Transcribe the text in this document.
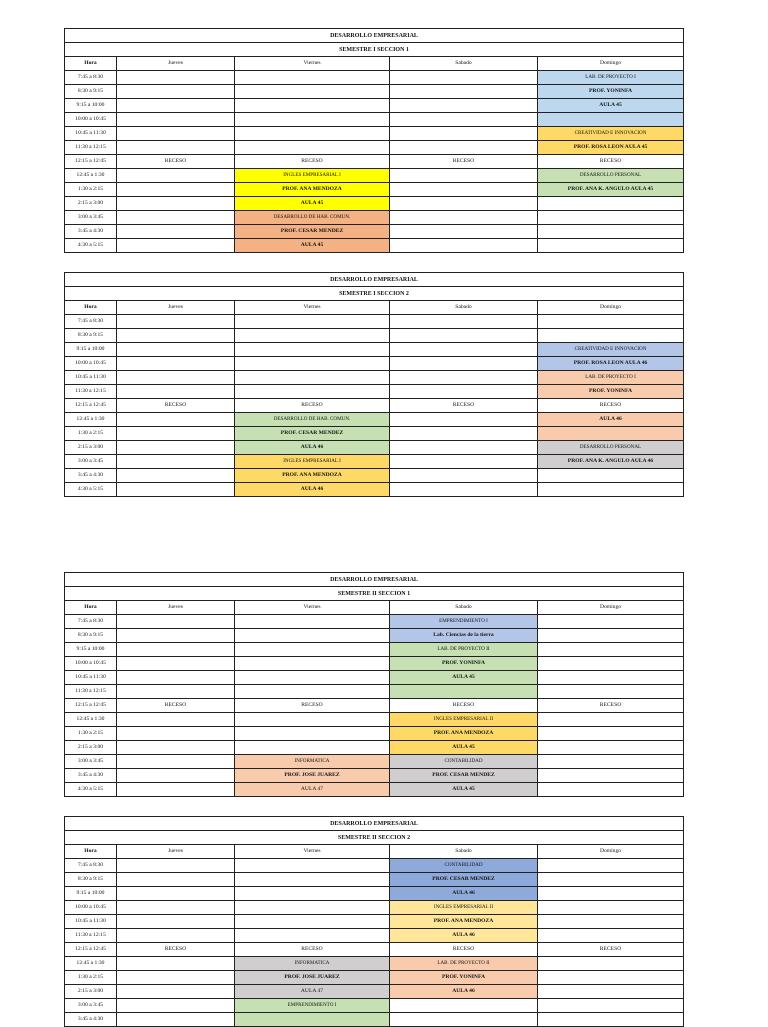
DESARROLLO EMPRESARIAL				
SEMESTRE I SECCION 1				
Hora	Jueves	Viernes	Sabado	Domingo
7:45 a 8:30				LAB. DE PROYECTO I
8:30 a 9:15				PROF. YONINFA
9:15 a 10:00				AULA 45
10:00 a 10:45				
10:45 a 11:30				CREATIVIDAD E INNOVACION
11:30 a 12:15				PROF. ROSA LEON AULA 45
12:15 a 12:45	RECESO	RECESO	RECESO	RECESO
12:45 a 1:30		INGLES EMPRESARIAL I		DESARROLLO PERSONAL
1:30 a 2:15		PROF. ANA MENDOZA		PROF. ANA K. ANGULO AULA 45
2:15 a 3:00		AULA 45		
3:00 a 3:45		DESARROLLO DE HAB. COMUN.		
3:45 a 4:30		PROF. CESAR MENDEZ		
4:30 a 5:15		AULA 45		
DESARROLLO EMPRESARIAL				
SEMESTRE I SECCION 2				
Hora	Jueves	Viernes	Sabado	Domingo
7:45 a 8:30				
8:30 a 9:15				
9:15 a 10:00				CREATIVIDAD E INNOVACION
10:00 a 10:45				PROF. ROSA LEON AULA 46
10:45 a 11:30				LAB. DE PROYECTO I
11:30 a 12:15				PROF. YONINFA
12:15 a 12:45	RECESO	RECESO	RECESO	RECESO
12:45 a 1:30		DESARROLLO DE HAB. COMUN.		AULA 46
1:30 a 2:15		PROF. CESAR MENDEZ		
2:15 a 3:00		AULA 46		DESARROLLO PERSONAL
3:00 a 3:45		INGLES EMPRESARIAL I		PROF. ANA K. ANGULO AULA 46
3:45 a 4:30		PROF. ANA MENDOZA		
4:30 a 5:15		AULA 46		
DESARROLLO EMPRESARIAL				
SEMESTRE II SECCION 1				
Hora	Jueves	Viernes	Sabado	Domingo
7:45 a 8:30			EMPRENDIMIENTO I	
8:30 a 9:15			Lab. Ciencias de la tierra	
9:15 a 10:00			LAB. DE PROYECTO II	
10:00 a 10:45			PROF. YONINFA	
10:45 a 11:30			AULA 45	
11:30 a 12:15				
12:15 a 12:45	RECESO	RECESO	RECESO	RECESO
12:45 a 1:30			INGLES EMPRESARIAL II	
1:30 a 2:15			PROF. ANA MENDOZA	
2:15 a 3:00			AULA 45	
3:00 a 3:45		INFORMATICA	CONTABILIDAD	
3:45 a 4:30		PROF. JOSE JUAREZ	PROF. CESAR MENDEZ	
4:30 a 5:15		AULA 47	AULA 45	
DESARROLLO EMPRESARIAL				
SEMESTRE II SECCION 2				
Hora	Jueves	Viernes	Sabado	Domingo
7:45 a 8:30			CONTABILIDAD	
8:30 a 9:15			PROF. CESAR MENDEZ	
9:15 a 10:00			AULA 46	
10:00 a 10:45			INGLES EMPRESARIAL II	
10:45 a 11:30			PROF. ANA MENDOZA	
11:30 a 12:15			AULA 46	
12:15 a 12:45	RECESO	RECESO	RECESO	RECESO
12:45 a 1:30		INFORMATICA	LAB. DE PROYECTO II	
1:30 a 2:15		PROF. JOSE JUAREZ	PROF. YONINFA	
2:15 a 3:00		AULA 47	AULA 46	
3:00 a 3:45		EMPRENDIMIENTO I		
3:45 a 4:30				
